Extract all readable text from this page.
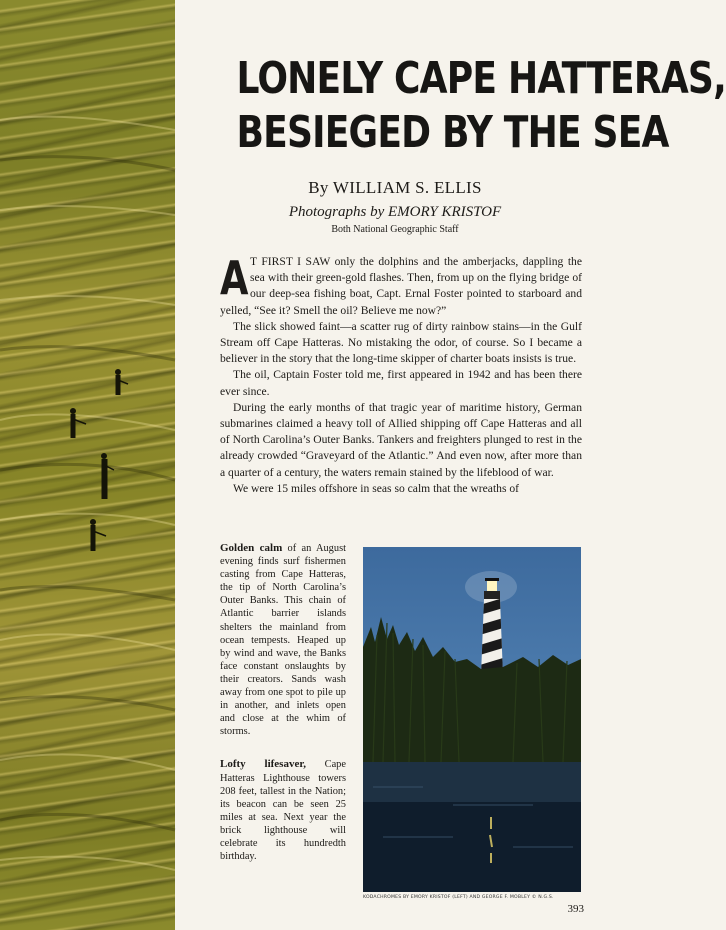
LONELY CAPE HATTERAS,
BESIEGED BY THE SEA
By WILLIAM S. ELLIS
Photographs by EMORY KRISTOF
Both National Geographic Staff

A T FIRST I SAW only the dolphins and the amberjacks, dappling the sea with their green-gold flashes. Then, from up on the flying bridge of our deep-sea fishing boat, Capt. Ernal Foster pointed to starboard and yelled, “See it? Smell the oil? Believe me now?”

The slick showed faint—a scatter rug of dirty rainbow stains—in the Gulf Stream off Cape Hatteras. No mistaking the odor, of course. So I became a believer in the story that the long-time skipper of charter boats insists is true.

The oil, Captain Foster told me, first appeared in 1942 and has been there ever since.

During the early months of that tragic year of maritime history, German submarines claimed a heavy toll of Allied shipping off Cape Hatteras and all of North Carolina’s Outer Banks. Tankers and freighters plunged to rest in the already crowded “Graveyard of the Atlantic.” And even now, after more than a quarter of a century, the waters remain stained by the lifeblood of war.

We were 15 miles offshore in seas so calm that the wreaths of

Golden calm of an August evening finds surf fishermen casting from Cape Hatteras, the tip of North Carolina’s Outer Banks. This chain of Atlantic barrier islands shelters the mainland from ocean tempests. Heaped up by wind and wave, the Banks face constant onslaughts by their creators. Sands wash away from one spot to pile up in another, and inlets open and close at the whim of storms.

Lofty lifesaver, Cape Hatteras Lighthouse towers 208 feet, tallest in the Nation; its beacon can be seen 25 miles at sea. Next year the brick lighthouse will celebrate its hundredth birthday.

KODACHROMES BY EMORY KRISTOF (LEFT) AND GEORGE F. MOBLEY © N.G.S.
393
